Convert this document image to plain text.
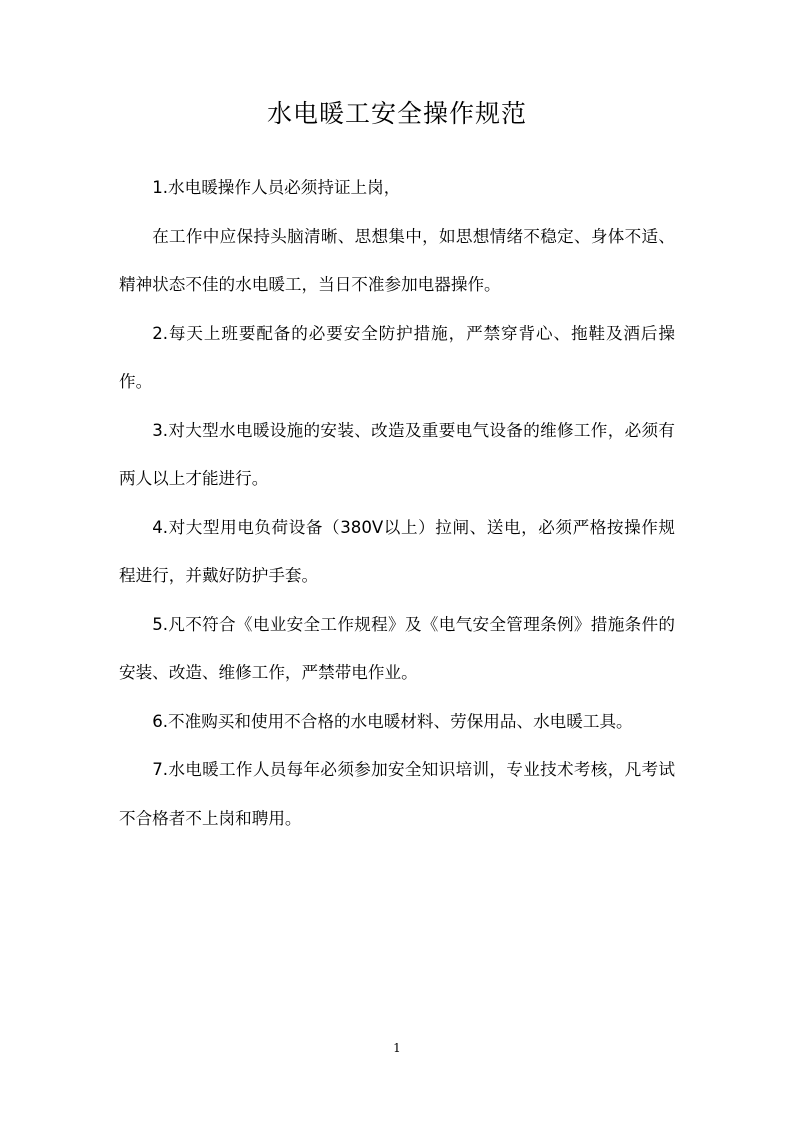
水电暖工安全操作规范

1.水电暖操作人员必须持证上岗，

在工作中应保持头脑清晰、思想集中，如思想情绪不稳定、身体不适、精神状态不佳的水电暖工，当日不准参加电器操作。

2.每天上班要配备的必要安全防护措施，严禁穿背心、拖鞋及酒后操作。

3.对大型水电暖设施的安装、改造及重要电气设备的维修工作，必须有两人以上才能进行。

4.对大型用电负荷设备（380V以上）拉闸、送电，必须严格按操作规程进行，并戴好防护手套。

5.凡不符合《电业安全工作规程》及《电气安全管理条例》措施条件的安装、改造、维修工作，严禁带电作业。

6.不准购买和使用不合格的水电暖材料、劳保用品、水电暖工具。

7.水电暖工作人员每年必须参加安全知识培训，专业技术考核，凡考试不合格者不上岗和聘用。

1
